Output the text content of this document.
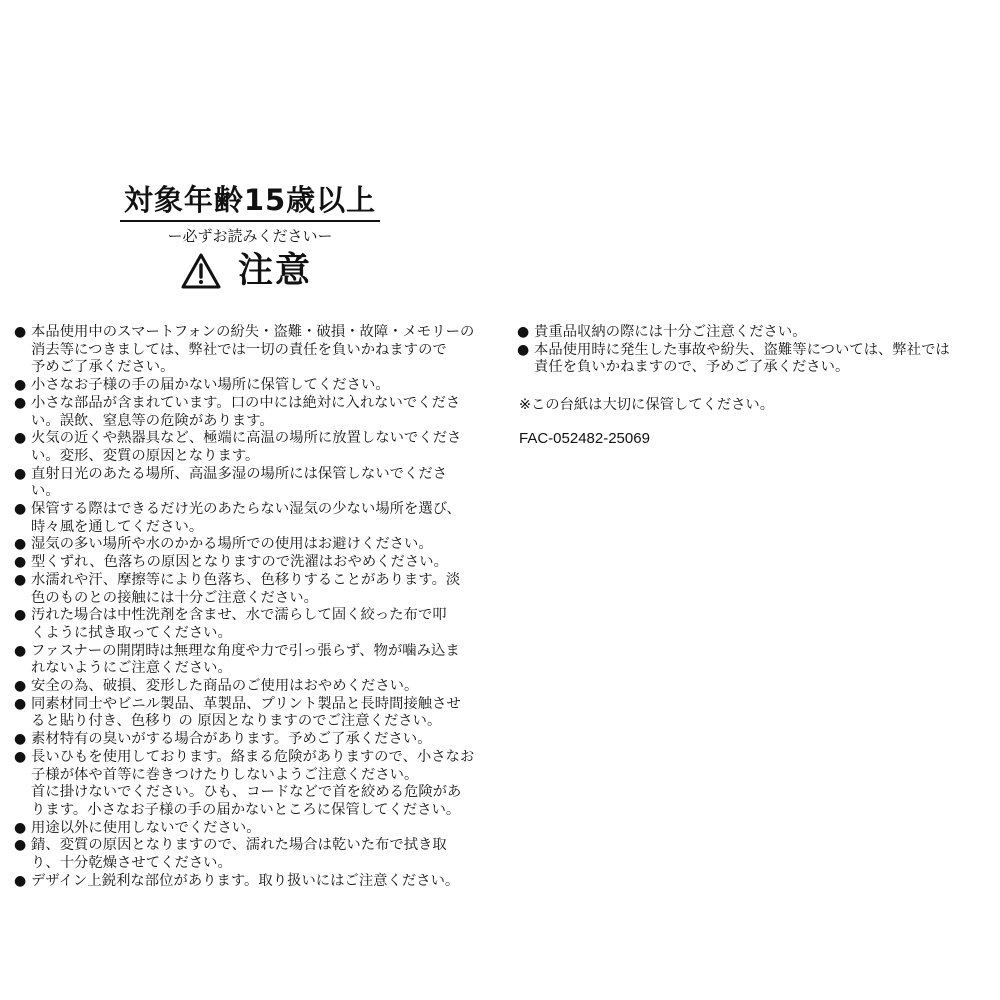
対象年齢15歳以上
ー必ずお読みくださいー
注意
● 本品使用中のスマートフォンの紛失・盗難・破損・故障・メモリーの
消去等につきましては、弊社では一切の責任を負いかねますので
予めご了承ください。
● 小さなお子様の手の届かない場所に保管してください。
● 小さな部品が含まれています。口の中には絶対に入れないでくださ
い。誤飲、窒息等の危険があります。
● 火気の近くや熱器具など、極端に高温の場所に放置しないでくださ
い。変形、変質の原因となります。
● 直射日光のあたる場所、高温多湿の場所には保管しないでくださ
い。
● 保管する際はできるだけ光のあたらない湿気の少ない場所を選び、
時々風を通してください。
● 湿気の多い場所や水のかかる場所での使用はお避けください。
● 型くずれ、色落ちの原因となりますので洗濯はおやめください。
● 水濡れや汗、摩擦等により色落ち、色移りすることがあります。淡
色のものとの接触には十分ご注意ください。
● 汚れた場合は中性洗剤を含ませ、水で濡らして固く絞った布で叩
くように拭き取ってください。
● ファスナーの開閉時は無理な角度や力で引っ張らず、物が噛み込ま
れないようにご注意ください。
● 安全の為、破損、変形した商品のご使用はおやめください。
● 同素材同士やビニル製品、革製品、プリント製品と長時間接触させ
ると貼り付き、色移り の 原因となりますのでご注意ください。
● 素材特有の臭いがする場合があります。予めご了承ください。
● 長いひもを使用しております。絡まる危険がありますので、小さなお
子様が体や首等に巻きつけたりしないようご注意ください。
首に掛けないでください。ひも、コードなどで首を絞める危険があ
ります。小さなお子様の手の届かないところに保管してください。
● 用途以外に使用しないでください。
● 錆、変質の原因となりますので、濡れた場合は乾いた布で拭き取
り、十分乾燥させてください。
● デザイン上鋭利な部位があります。取り扱いにはご注意ください。
● 貴重品収納の際には十分ご注意ください。
● 本品使用時に発生した事故や紛失、盗難等については、弊社では
責任を負いかねますので、予めご了承ください。
※この台紙は大切に保管してください。
FAC-052482-25069
